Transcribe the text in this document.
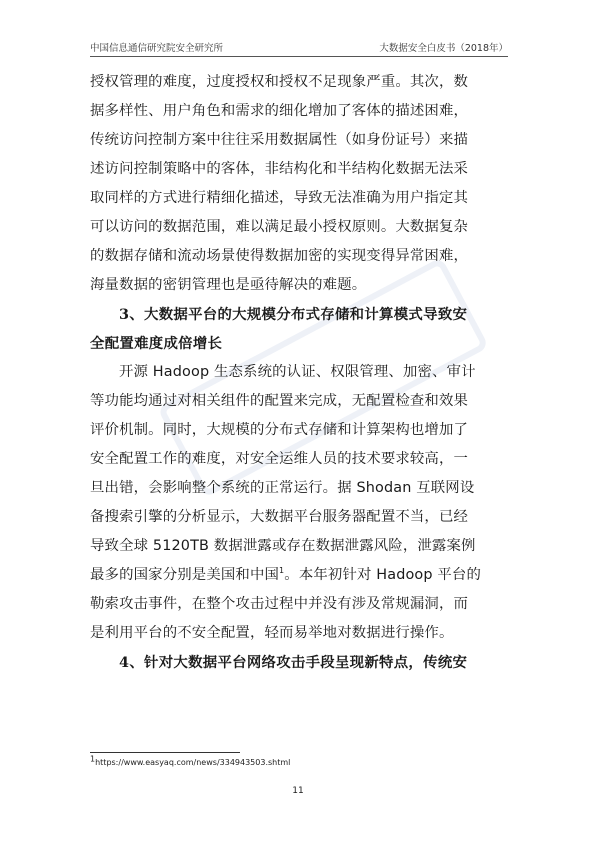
中国信息通信研究院安全研究所	大数据安全白皮书（2018年）

授权管理的难度，过度授权和授权不足现象严重。其次，数

据多样性、用户角色和需求的细化增加了客体的描述困难，

传统访问控制方案中往往采用数据属性（如身份证号）来描

述访问控制策略中的客体，非结构化和半结构化数据无法采

取同样的方式进行精细化描述，导致无法准确为用户指定其

可以访问的数据范围，难以满足最小授权原则。大数据复杂

的数据存储和流动场景使得数据加密的实现变得异常困难，

海量数据的密钥管理也是亟待解决的难题。

3、大数据平台的大规模分布式存储和计算模式导致安

全配置难度成倍增长

开源 Hadoop 生态系统的认证、权限管理、加密、审计

等功能均通过对相关组件的配置来完成，无配置检查和效果

评价机制。同时，大规模的分布式存储和计算架构也增加了

安全配置工作的难度，对安全运维人员的技术要求较高，一

旦出错，会影响整个系统的正常运行。据 Shodan 互联网设

备搜索引擎的分析显示，大数据平台服务器配置不当，已经

导致全球 5120TB 数据泄露或存在数据泄露风险，泄露案例

最多的国家分别是美国和中国$^1$。本年初针对 Hadoop 平台的

勒索攻击事件，在整个攻击过程中并没有涉及常规漏洞，而

是利用平台的不安全配置，轻而易举地对数据进行操作。

4、针对大数据平台网络攻击手段呈现新特点，传统安

$^1$https://www.easyaq.com/news/334943503.shtml
11
